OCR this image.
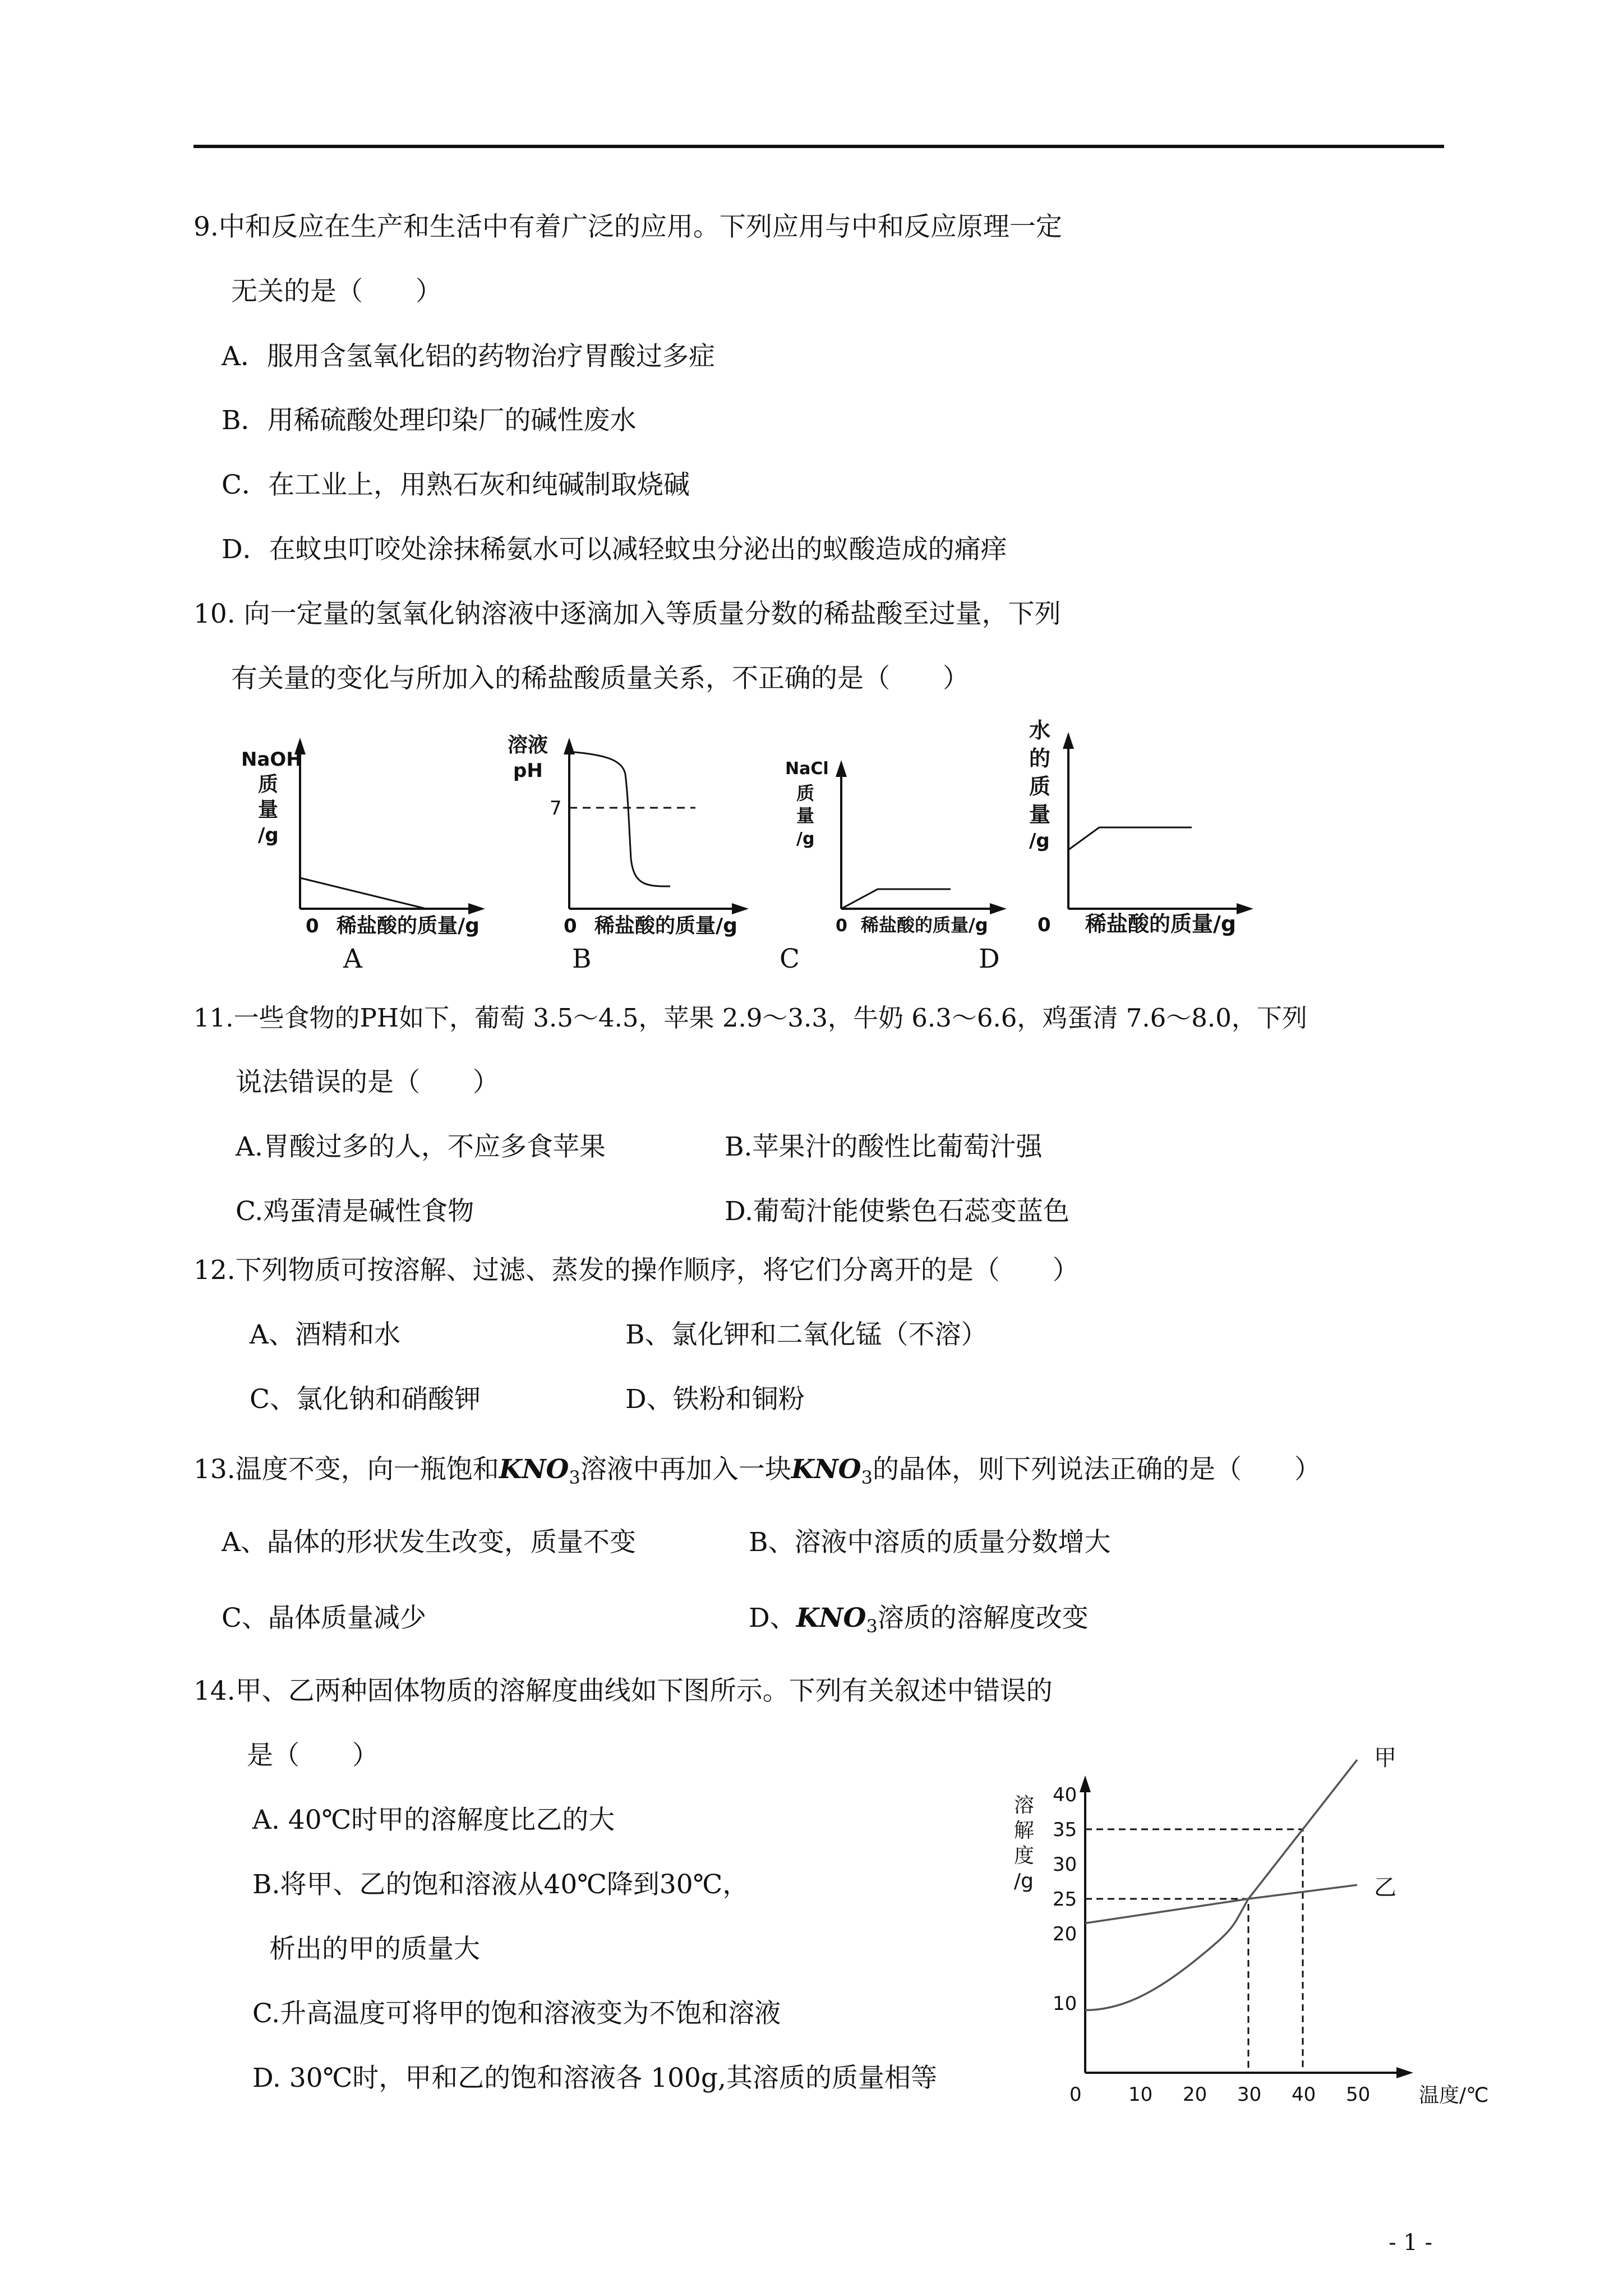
9.中和反应在生产和生活中有着广泛的应用。下列应用与中和反应原理一定
无关的是（　　）
A．服用含氢氧化铝的药物治疗胃酸过多症
B．用稀硫酸处理印染厂的碱性废水
C．在工业上，用熟石灰和纯碱制取烧碱
D．在蚊虫叮咬处涂抹稀氨水可以减轻蚊虫分泌出的蚁酸造成的痛痒
10. 向一定量的氢氧化钠溶液中逐滴加入等质量分数的稀盐酸至过量，下列
有关量的变化与所加入的稀盐酸质量关系，不正确的是（　　）
NaOH
质
量
/g
0 稀盐酸的质量/g
溶液
pH
7
0 稀盐酸的质量/g
NaCl
质
量
/g
0 稀盐酸的质量/g
水
的
质
量
/g
0 稀盐酸的质量/g
A	B	C	D
11.一些食物的PH如下，葡萄 3.5～4.5，苹果 2.9～3.3，牛奶 6.3～6.6，鸡蛋清 7.6～8.0，下列
说法错误的是（　　）
A.胃酸过多的人，不应多食苹果	B.苹果汁的酸性比葡萄汁强
C.鸡蛋清是碱性食物	D.葡萄汁能使紫色石蕊变蓝色
12.下列物质可按溶解、过滤、蒸发的操作顺序，将它们分离开的是（　　）
A、酒精和水	B、氯化钾和二氧化锰（不溶）
C、氯化钠和硝酸钾	D、铁粉和铜粉
13.温度不变，向一瓶饱和$KNO_3$溶液中再加入一块$KNO_3$的晶体，则下列说法正确的是（　　）
A、晶体的形状发生改变，质量不变	B、溶液中溶质的质量分数增大
C、晶体质量减少	D、$KNO_3$溶质的溶解度改变
14.甲、乙两种固体物质的溶解度曲线如下图所示。下列有关叙述中错误的
是（　　）
A. 40℃时甲的溶解度比乙的大
B.将甲、乙的饱和溶液从40℃降到30℃，
析出的甲的质量大
C.升高温度可将甲的饱和溶液变为不饱和溶液
D. 30℃时，甲和乙的饱和溶液各 100g,其溶质的质量相等
0 10 20 30 40 50
10
20
25
30
35
40
甲
乙
溶
解
度
/g
温度/℃
- 1 -
